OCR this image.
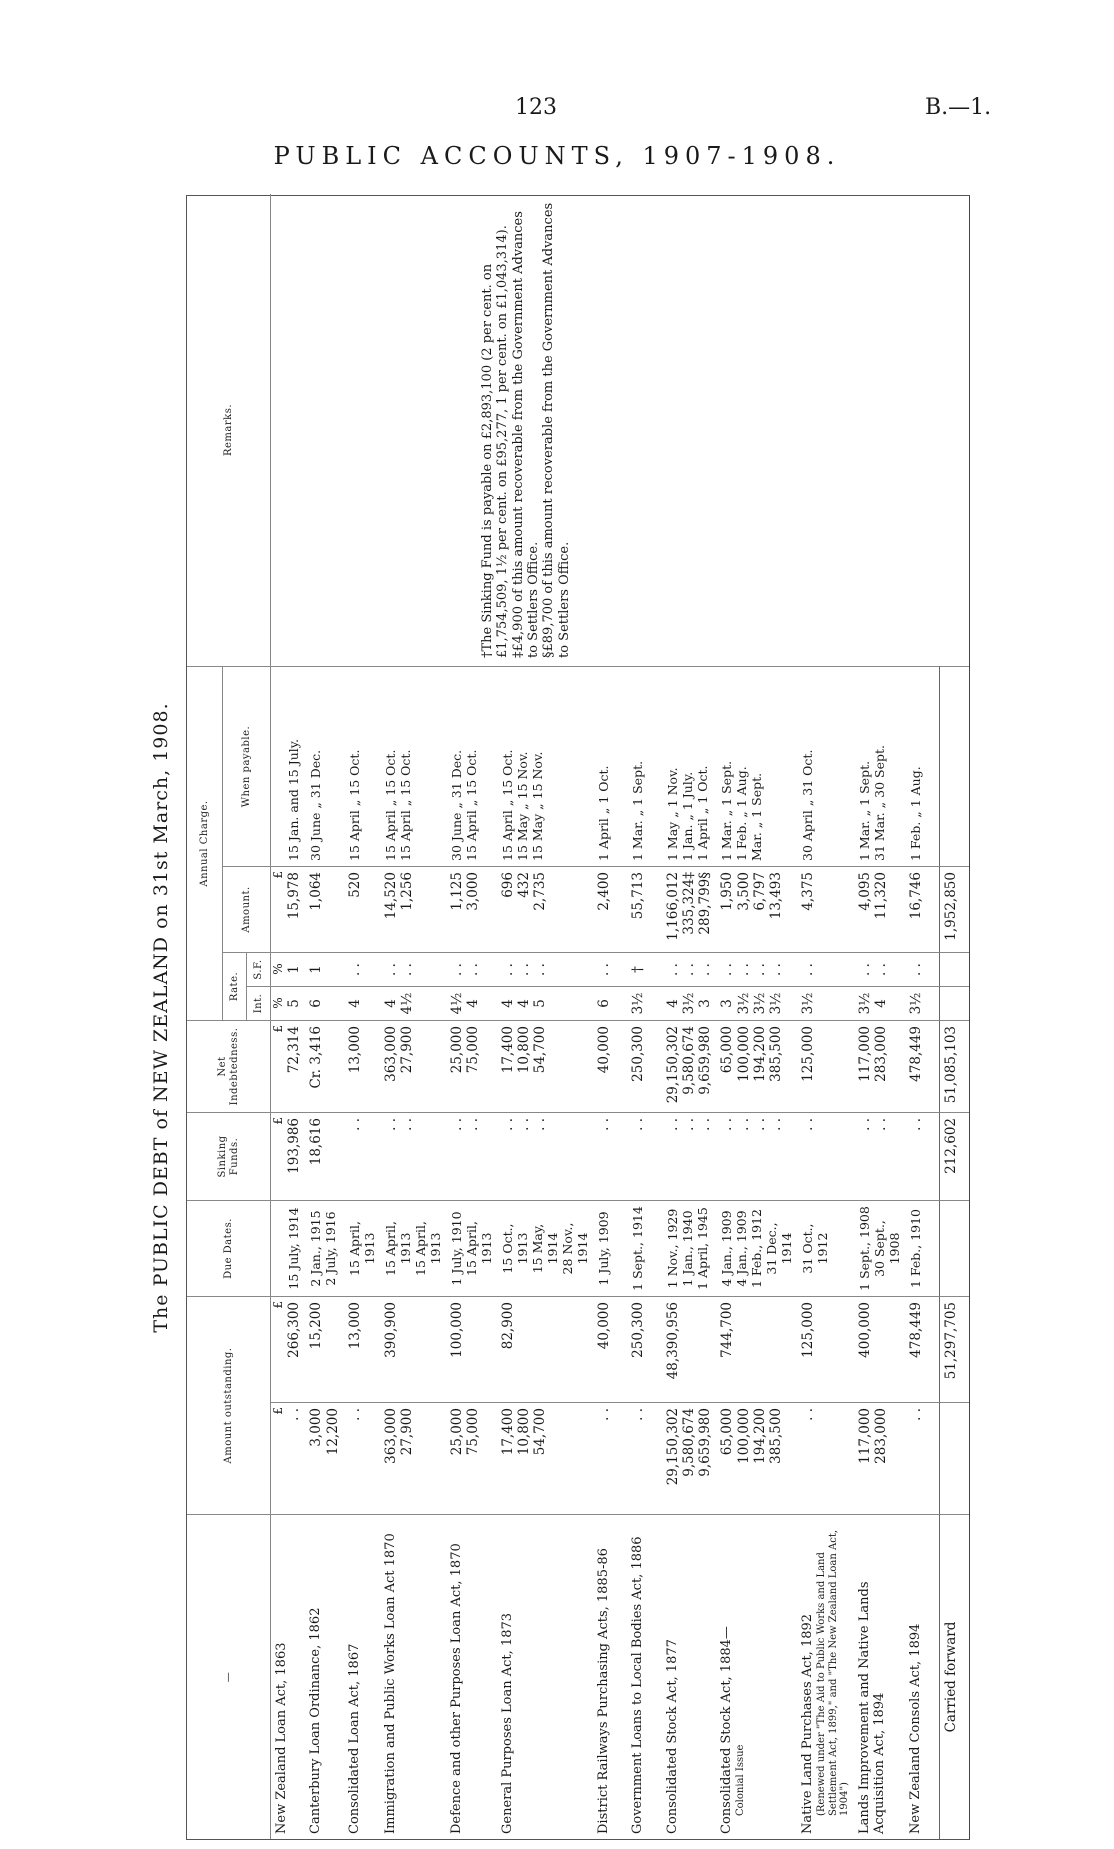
123	B.—1.
PUBLIC ACCOUNTS, 1907-1908.
The PUBLIC DEBT of NEW ZEALAND on 31st March, 1908.
—
Amount outstanding.
Due Dates.
Sinking Funds.
Net Indebtedness.
Annual Charge.
Remarks.
Rate.
Amount.
When payable.
Int.
S.F.
†The Sinking Fund is payable on £2,893,100 (2 per cent. on £1,754,509, 1½ per cent. on £95,277, 1 per cent. on £1,043,314).
‡£4,900 of this amount recoverable from the Government Advances to Settlers Office.
§£89,700 of this amount recoverable from the Government Advances to Settlers Office.
New Zealand Loan Act, 1863
. .
266,300
15 July, 1914
193,986
72,314
5
1
15,978
15 Jan. and 15 July.
£
£
£
£
£
%
%
Canterbury Loan Ordinance, 1862
3,000
12,200
15,200
2 Jan., 1915
2 July, 1916
18,616
Cr. 3,416
6
1
1,064
30 June „ 31 Dec.
Consolidated Loan Act, 1867
. .
13,000
15 April, 1913
. .
13,000
4
. .
520
15 April „ 15 Oct.
Immigration and Public Works Loan Act 1870
363,000
27,900
390,900
15 April, 1913
15 April, 1913
. .
. .
363,000
27,900
4
4½
. .
. .
14,520
1,256
15 April „ 15 Oct.
15 April „ 15 Oct.
Defence and other Purposes Loan Act, 1870
25,000
75,000
100,000
1 July, 1910
15 April, 1913
. .
. .
25,000
75,000
4½
4
. .
. .
1,125
3,000
30 June „ 31 Dec.
15 April „ 15 Oct.
General Purposes Loan Act, 1873
17,400
10,800
54,700
82,900
15 Oct., 1913
15 May, 1914
28 Nov., 1914
. .
. .
. .
17,400
10,800
54,700
4
4
5
. .
. .
. .
696
432
2,735
15 April „ 15 Oct.
15 May „ 15 Nov.
15 May „ 15 Nov.
District Railways Purchasing Acts, 1885-86
. .
40,000
1 July, 1909
. .
40,000
6
. .
2,400
1 April „ 1 Oct.
Government Loans to Local Bodies Act, 1886
. .
250,300
1 Sept., 1914
. .
250,300
3½
†
55,713
1 Mar. „ 1 Sept.
Consolidated Stock Act, 1877
29,150,302
9,580,674
9,659,980
48,390,956
1 Nov., 1929
1 Jan., 1940
1 April, 1945
. .
. .
. .
29,150,302
9,580,674
9,659,980
4
3½
3
. .
. .
. .
1,166,012
335,324‡
289,799§
1 May „ 1 Nov.
1 Jan. „ 1 July.
1 April „ 1 Oct.
Consolidated Stock Act, 1884— Colonial Issue
65,000
100,000
194,200
385,500
744,700
4 Jan., 1909
4 Jan., 1909
1 Feb., 1912
31 Dec., 1914
. .
. .
. .
. .
65,000
100,000
194,200
385,500
3
3½
3½
3½
. .
. .
. .
. .
1,950
3,500
6,797
13,493
1 Mar. „ 1 Sept.
1 Feb. „ 1 Aug.
Mar. „ 1 Sept.
Native Land Purchases Act, 1892 (Renewed under "The Aid to Public Works and Land Settlement Act, 1899," and "The New Zealand Loan Act, 1904")
. .
125,000
31 Oct., 1912
. .
125,000
3½
. .
4,375
30 April „ 31 Oct.
Lands Improvement and Native Lands Acquisition Act, 1894
117,000
283,000
400,000
1 Sept., 1908
30 Sept., 1908
. .
. .
117,000
283,000
3½
4
. .
. .
4,095
11,320
1 Mar. „ 1 Sept.
31 Mar. „ 30 Sept.
New Zealand Consols Act, 1894
. .
478,449
1 Feb., 1910
. .
478,449
3½
. .
16,746
1 Feb. „ 1 Aug.
Carried forward
51,297,705
212,602
51,085,103
1,952,850
